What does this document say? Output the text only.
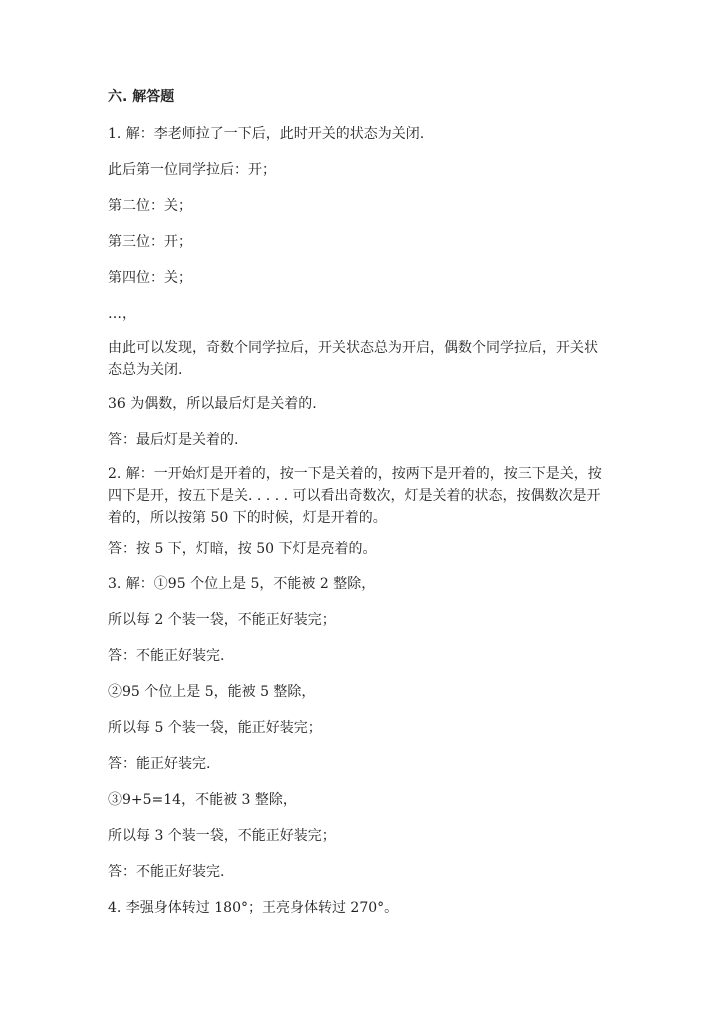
六. 解答题

1. 解：李老师拉了一下后，此时开关的状态为关闭.

此后第一位同学拉后：开；

第二位：关；

第三位：开；

第四位：关；

…，

由此可以发现，奇数个同学拉后，开关状态总为开启，偶数个同学拉后，开关状态总为关闭.

36 为偶数，所以最后灯是关着的.

答：最后灯是关着的.

2. 解：一开始灯是开着的，按一下是关着的，按两下是开着的，按三下是关，按四下是开，按五下是关. . . . . 可以看出奇数次，灯是关着的状态，按偶数次是开着的，所以按第 50 下的时候，灯是开着的。

答：按 5 下，灯暗，按 50 下灯是亮着的。

3. 解：①95 个位上是 5，不能被 2 整除，

所以每 2 个装一袋，不能正好装完；

答：不能正好装完.

②95 个位上是 5，能被 5 整除，

所以每 5 个装一袋，能正好装完；

答：能正好装完.

③9+5=14，不能被 3 整除，

所以每 3 个装一袋，不能正好装完；

答：不能正好装完.

4. 李强身体转过 180°；王亮身体转过 270°。
